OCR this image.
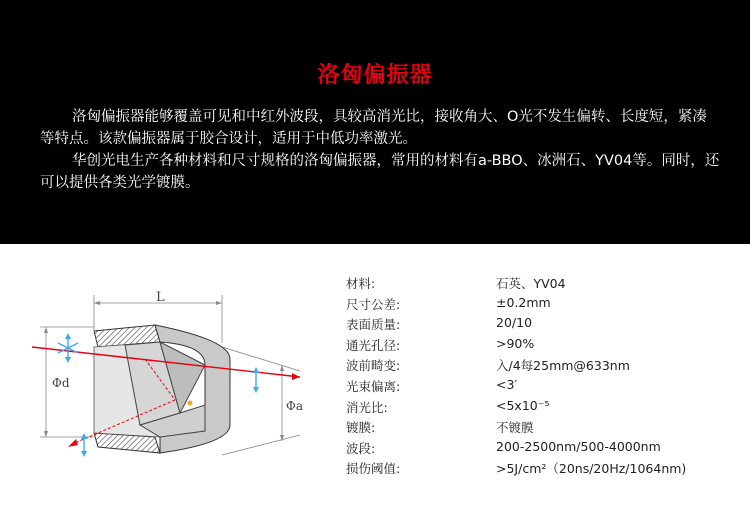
洛匈偏振器
洛匈偏振器能够覆盖可见和中红外波段，具较高消光比，接收角大、O光不发生偏转、长度短，紧凑等特点。该款偏振器属于胶合设计，适用于中低功率激光。
华创光电生产各种材料和尺寸规格的洛匈偏振器，常用的材料有a-BBO、冰洲石、YV04等。同时，还可以提供各类光学镀膜。
L
Φd
Φa
材料:	石英、YV04
尺寸公差:	±0.2mm
表面质量:	20/10
通光孔径:	>90%
波前畸变:	入/4每25mm@633nm
光束偏离:	<3′
消光比:	<5x10⁻⁵
镀膜:	不镀膜
波段:	200-2500nm/500-4000nm
损伤阈值:	>5J/cm²（20ns/20Hz/1064nm)
